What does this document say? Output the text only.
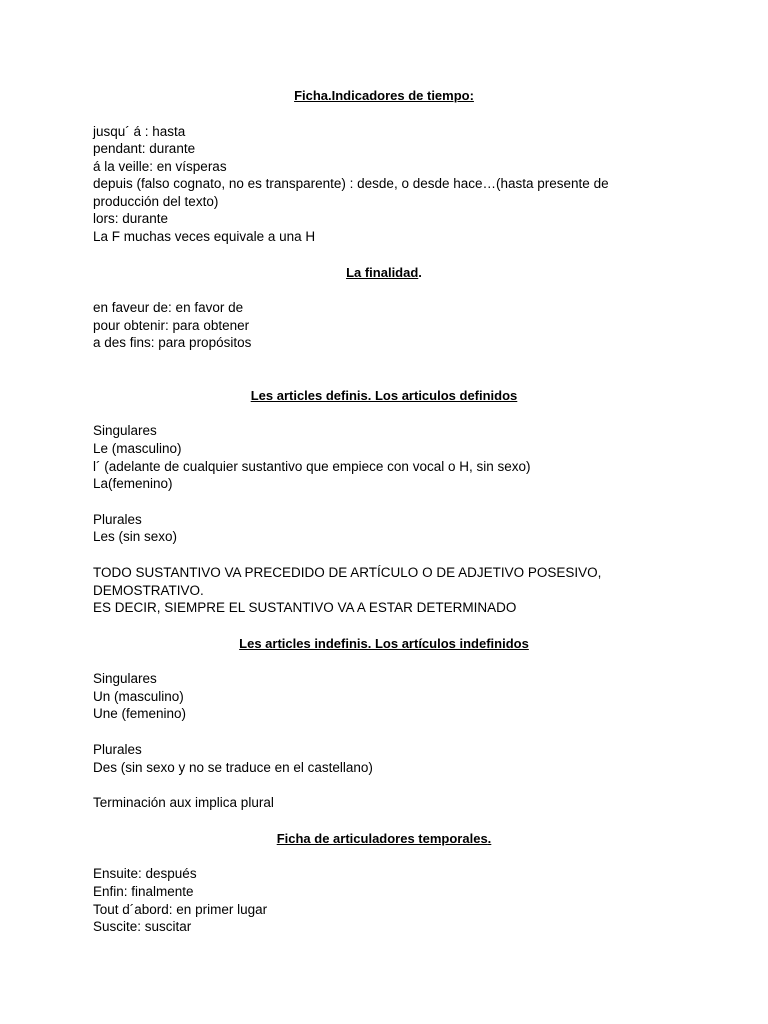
Ficha.Indicadores de tiempo:

jusqu´ á : hasta

pendant: durante

á la veille: en vísperas

depuis (falso cognato, no es transparente) : desde, o desde hace…(hasta presente de producción del texto)

lors: durante

La F muchas veces equivale a una H

La finalidad.

en faveur de: en favor de

pour obtenir: para obtener

a des fins: para propósitos

Les articles definis. Los articulos definidos

Singulares

Le (masculino)

l´ (adelante de cualquier sustantivo que empiece con vocal o H, sin sexo)

La(femenino)

Plurales

Les (sin sexo)

TODO SUSTANTIVO VA PRECEDIDO DE ARTÍCULO O DE ADJETIVO POSESIVO, DEMOSTRATIVO.

ES DECIR, SIEMPRE EL SUSTANTIVO VA A ESTAR DETERMINADO

Les articles indefinis. Los artículos indefinidos

Singulares

Un (masculino)

Une (femenino)

Plurales

Des (sin sexo y no se traduce en el castellano)

Terminación aux implica plural

Ficha de articuladores temporales.

Ensuite: después

Enfin: finalmente

Tout d´abord: en primer lugar

Suscite: suscitar
